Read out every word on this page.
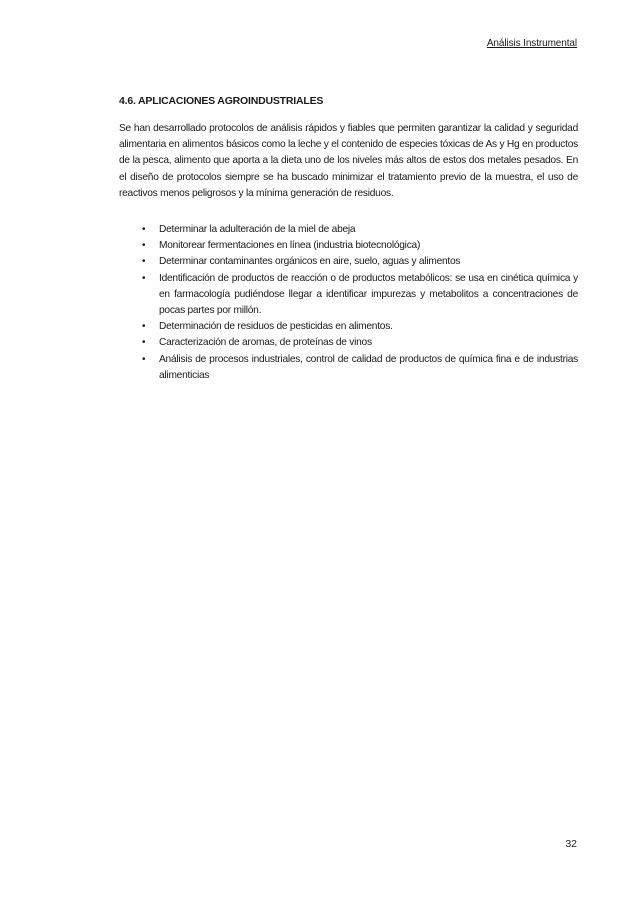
Análisis Instrumental
4.6. APLICACIONES AGROINDUSTRIALES

Se han desarrollado protocolos de análisis rápidos y fiables que permiten garantizar la calidad y seguridad alimentaria en alimentos básicos como la leche y el contenido de especies tóxicas de As y Hg en productos de la pesca, alimento que aporta a la dieta uno de los niveles más altos de estos dos metales pesados. En el diseño de protocolos siempre se ha buscado minimizar el tratamiento previo de la muestra, el uso de reactivos menos peligrosos y la mínima generación de residuos.

• Determinar la adulteración de la miel de abeja
• Monitorear fermentaciones en línea (industria biotecnológica)
• Determinar contaminantes orgánicos en aire, suelo, aguas y alimentos
• Identificación de productos de reacción o de productos metabólicos: se usa en cinética química y en farmacología pudiéndose llegar a identificar impurezas y metabolitos a concentraciones de pocas partes por millón.
• Determinación de residuos de pesticidas en alimentos.
• Caracterización de aromas, de proteínas de vinos
• Análisis de procesos industriales, control de calidad de productos de química fina e de industrias alimenticias
32
